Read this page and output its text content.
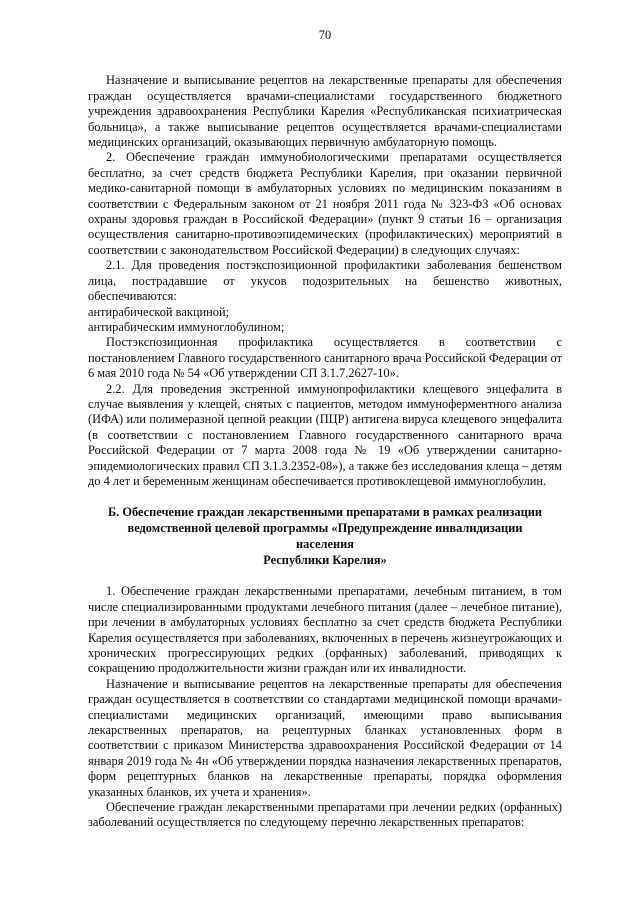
70

Назначение и выписывание рецептов на лекарственные препараты для обеспечения граждан осуществляется врачами-специалистами государственного бюджетного учреждения здравоохранения Республики Карелия «Республиканская психиатрическая больница», а также выписывание рецептов осуществляется врачами-специалистами медицинских организаций, оказывающих первичную амбулаторную помощь.

2. Обеспечение граждан иммунобиологическими препаратами осуществляется бесплатно, за счет средств бюджета Республики Карелия, при оказании первичной медико-санитарной помощи в амбулаторных условиях по медицинским показаниям в соответствии с Федеральным законом от 21 ноября 2011 года № 323-ФЗ «Об основах охраны здоровья граждан в Российской Федерации» (пункт 9 статьи 16 – организация осуществления санитарно-противоэпидемических (профилактических) мероприятий в соответствии с законодательством Российской Федерации) в следующих случаях:

2.1. Для проведения постэкспозиционной профилактики заболевания бешенством лица, пострадавшие от укусов подозрительных на бешенство животных, обеспечиваются:

антирабической вакциной;

антирабическим иммуноглобулином;

Постэкспозиционная профилактика осуществляется в соответствии с постановлением Главного государственного санитарного врача Российской Федерации от 6 мая 2010 года № 54 «Об утверждении СП 3.1.7.2627-10».

2.2. Для проведения экстренной иммунопрофилактики клещевого энцефалита в случае выявления у клещей, снятых с пациентов, методом иммуноферментного анализа (ИФА) или полимеразной цепной реакции (ПЦР) антигена вируса клещевого энцефалита (в соответствии с постановлением Главного государственного санитарного врача Российской Федерации от 7 марта 2008 года № 19 «Об утверждении санитарно-эпидемиологических правил СП 3.1.3.2352-08»), а также без исследования клеща – детям до 4 лет и беременным женщинам обеспечивается противоклещевой иммуноглобулин.

Б. Обеспечение граждан лекарственными препаратами в рамках реализации
ведомственной целевой программы «Предупреждение инвалидизации населения
Республики Карелия»

1. Обеспечение граждан лекарственными препаратами, лечебным питанием, в том числе специализированными продуктами лечебного питания (далее – лечебное питание), при лечении в амбулаторных условиях бесплатно за счет средств бюджета Республики Карелия осуществляется при заболеваниях, включенных в перечень жизнеугрожающих и хронических прогрессирующих редких (орфанных) заболеваний, приводящих к сокращению продолжительности жизни граждан или их инвалидности.

Назначение и выписывание рецептов на лекарственные препараты для обеспечения граждан осуществляется в соответствии со стандартами медицинской помощи врачами-специалистами медицинских организаций, имеющими право выписывания лекарственных препаратов, на рецептурных бланках установленных форм в соответствии с приказом Министерства здравоохранения Российской Федерации от 14 января 2019 года № 4н «Об утверждении порядка назначения лекарственных препаратов, форм рецептурных бланков на лекарственные препараты, порядка оформления указанных бланков, их учета и хранения».

Обеспечение граждан лекарственными препаратами при лечении редких (орфанных) заболеваний осуществляется по следующему перечню лекарственных препаратов:
